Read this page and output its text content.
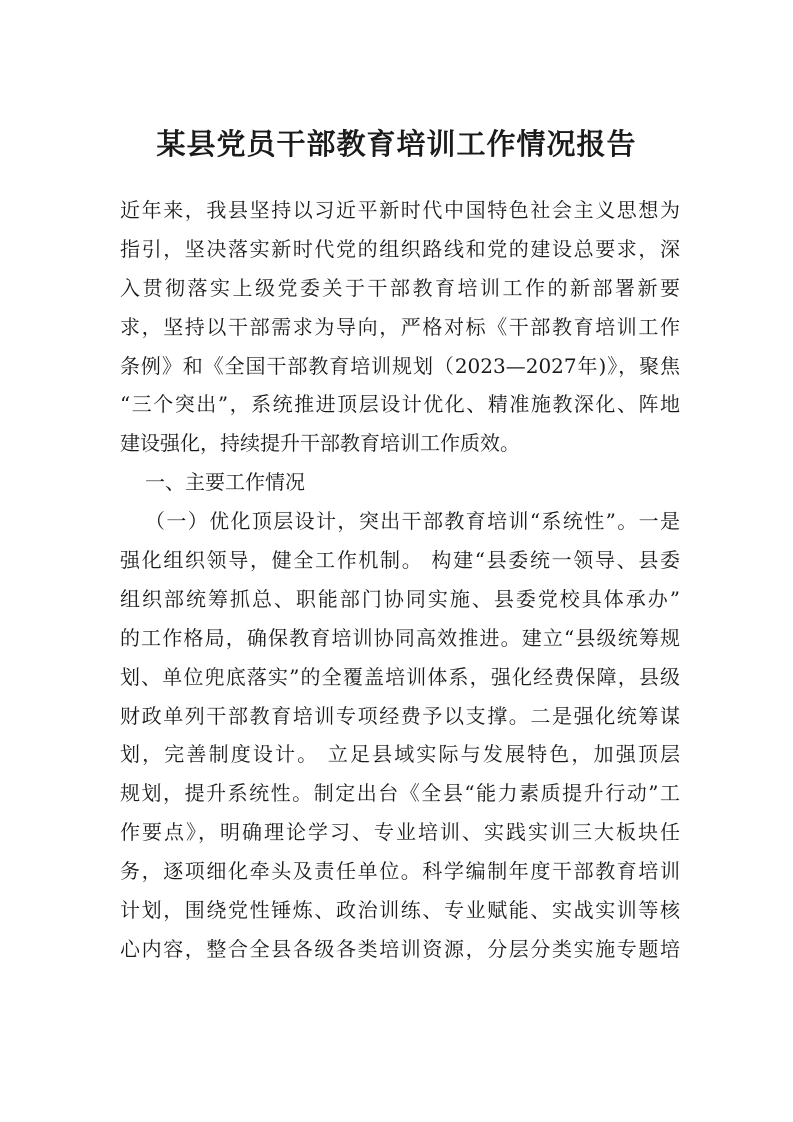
某县党员干部教育培训工作情况报告
近年来，我县坚持以习近平新时代中国特色社会主义思想为
指引，坚决落实新时代党的组织路线和党的建设总要求，深
入贯彻落实上级党委关于干部教育培训工作的新部署新要
求，坚持以干部需求为导向，严格对标《干部教育培训工作
条例》和《全国干部教育培训规划（2023—2027年)》，聚焦
“三个突出”，系统推进顶层设计优化、精准施教深化、阵地
建设强化，持续提升干部教育培训工作质效。
一、主要工作情况
（一）优化顶层设计，突出干部教育培训“系统性”。一是
强化组织领导，健全工作机制。 构建“县委统一领导、县委
组织部统筹抓总、职能部门协同实施、县委党校具体承办”
的工作格局，确保教育培训协同高效推进。建立“县级统筹规
划、单位兜底落实”的全覆盖培训体系，强化经费保障，县级
财政单列干部教育培训专项经费予以支撑。二是强化统筹谋
划，完善制度设计。 立足县域实际与发展特色，加强顶层
规划，提升系统性。制定出台《全县“能力素质提升行动”工
作要点》，明确理论学习、专业培训、实践实训三大板块任
务，逐项细化牵头及责任单位。科学编制年度干部教育培训
计划，围绕党性锤炼、政治训练、专业赋能、实战实训等核
心内容，整合全县各级各类培训资源，分层分类实施专题培
